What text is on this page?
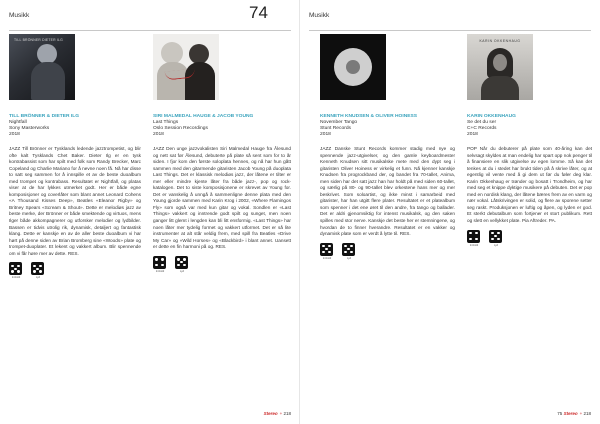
Musikk	74
TILL BRÖNNER DIETER ILG
TILL BRÖNNER & DIETER ILG
Nightfall
Sony Masterworks
2018
JAZZ Till Brönner er Tysklands ledende jazztrompetist, og blir ofte kalt Tysklands Chet Baker. Dieter Ilg er en tysk kontrabassist som har spilt med folk som Randy Brecker, Marc Copeland og Charlie Mariano for å nevne noen få. Nå har disse to satt seg sammen for å innspille et av de beste duoalbum med trompet og kontrabass. Resultatet er Nightfall, og platas viser at de har lykkes utmerket godt. Her er både egne komposisjoner og coverlåter som blant annet Leonard Cohens «A Thousand Kisses Deep», Beatles «Eleanor Rigby» og Britney Spears «Scream & Shout». Dette er melodiøs jazz av beste merke, der Brönner er både smektende og virtuos, mens Ilger både akkompagnerer og utforsker melodier og lydbilder. Bassen er tidvis utrolig rik, dynamisk, detaljert og fantastisk klang. Dette er kanskje en av de aller beste duoalbum vi har hørt på denne siden av Brian Bromberg sine «Woods» plate og trompet-duoplater. Et lekent og vakkert album. Blir spennende om vi får høre mer av dette. RES.
Innhold	Lyd
SIRI MALMEDAL HAUGE & JACOB YOUNG
Last Things
Oslo Session Recordings
2018
JAZZ Den unge jazzvokalisten Siri Malmedal Hauge fra Ålesund og nett sat før Ålesund, debuterte på plate så sent som for to år siden. I fjor kom den første soloplata hennes, og nå har hun gått sammen med den gitarmende gitaristen Jacob Young på duoplata Last Things. Det er klassisk melodiøs jazz, der låtene er tilter er mer eller mindre kjente låter fra både jazz-, pop og rock-katalogen. Det to siste komposisjonene er skrevet av Young for. Det er vanskelig å unngå å sammenligne denne plata med den Young gjorde sammen med Karin Krog i 2002, «Where Flamingos Fly» som også var med kun gitar og vokal. Sondlen er «Last Things» vakkert og inntrende godt spilt og sunget, men noen ganger litt glemt i lengden kan bli litt ensformig. «Last Things» har noen låter mer tydelig formet og vakkert utformet. Det er så lite instrumenter at alt står veldig frem, med spill fra Beatles «Drive My Car» og «Wild Horses» og «Blackbird» i blant annet. Uansett er dette en fin harmoni på og. RES.
Innhold	Lyd
Stereo + 218
Musikk
KENNETH KNUDSEN & OLIVER HOINESS
November Tango
Stunt Records
2018
JAZZ Danske Stunt Records kommer stadig med nye og spennende jazz-utgivelser, og den gamle keyboardmester Kenneth Knudsen sitt musikalske mete med den dypt seg i gitaristen Oliver Hoiness er virkelig et funn. Nå kjenner kanskje Knudsen fra progrockband der, og bandet fra 70-tallet, Anima, men siden har det satt jazz han har holdt på med siden 60-tallet, og særlig på 80- og 90-tallet blev orkestene hans mer og mer beskrivet. Som soloartist, og ikke minst i samarbeid med gitarister, har han utgitt flere plater. Resultatet er et platealbum som spenner i det ene øret til den andre, fra tango og ballader. Det er aldri gjenomsiktig for intenst musikalsk, og den saken spilles med stor nerve. Kanskje det beste her er stemningene, og hvordan de to finner hverandre. Resultatet er en vakker og dynamisk plate som er verdt å lytte til. RES.
Innhold	Lyd
KARIN OKKENHAUG
KARIN OKKENHAUG
Se det du ser
C+C Records
2018
POP Når du debuterer på plate som 40-åring kan det selvsagt skyldes at man endelig har spart opp nok penger til å finansiere en slik utgivelse av egen lomme. Så kan det tenkes at du i stedet har brukt tiden på å skrive låter, og at egentlig vil vente med å gi dem ut før du føler deg klar. Karin Okkenhaug er trønder og bosatt i Trondheim, og har med seg et knippe dyktige musikere på debuten. Det er pop med en nordisk klang, der låtene bæres frem av en varm og nær vokal. Låtskrivingen er solid, og flere av sporene setter seg raskt. Produksjonen er luftig og åpen, og lyden er god. Et sterkt debutalbum som fortjener et stort publikum. Rett og slett en vellykket plate. Pia Aftreder. PA.
Innhold	Lyd
75 Stereo + 218
